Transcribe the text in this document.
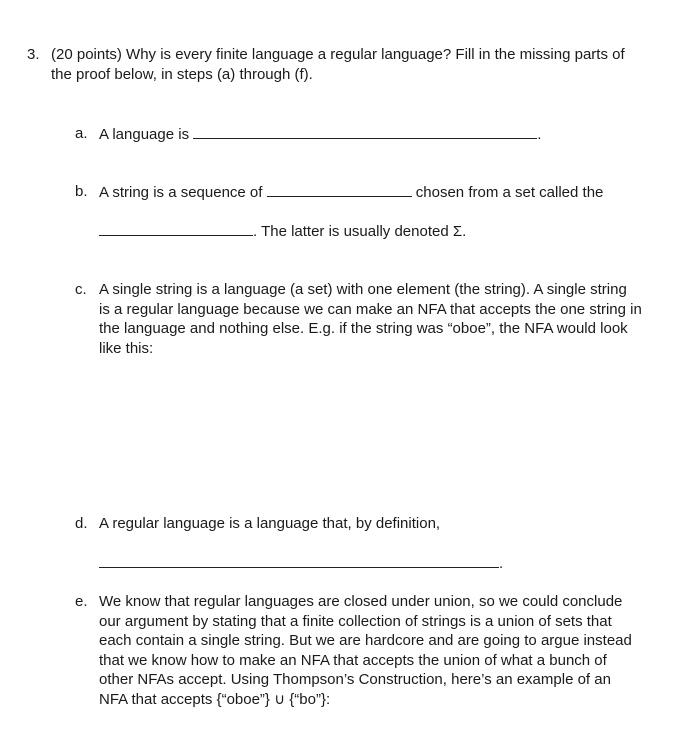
3. (20 points) Why is every finite language a regular language? Fill in the missing parts of
the proof below, in steps (a) through (f).
a. A language is	.
b. A string is a sequence of	chosen from a set called the
. The latter is usually denoted Σ.
c. A single string is a language (a set) with one element (the string). A single string
is a regular language because we can make an NFA that accepts the one string in
the language and nothing else. E.g. if the string was “oboe”, the NFA would look
like this:
d. A regular language is a language that, by definition,
.
e. We know that regular languages are closed under union, so we could conclude
our argument by stating that a finite collection of strings is a union of sets that
each contain a single string. But we are hardcore and are going to argue instead
that we know how to make an NFA that accepts the union of what a bunch of
other NFAs accept. Using Thompson’s Construction, here’s an example of an
NFA that accepts {“oboe”} ∪ {“bo”}:
